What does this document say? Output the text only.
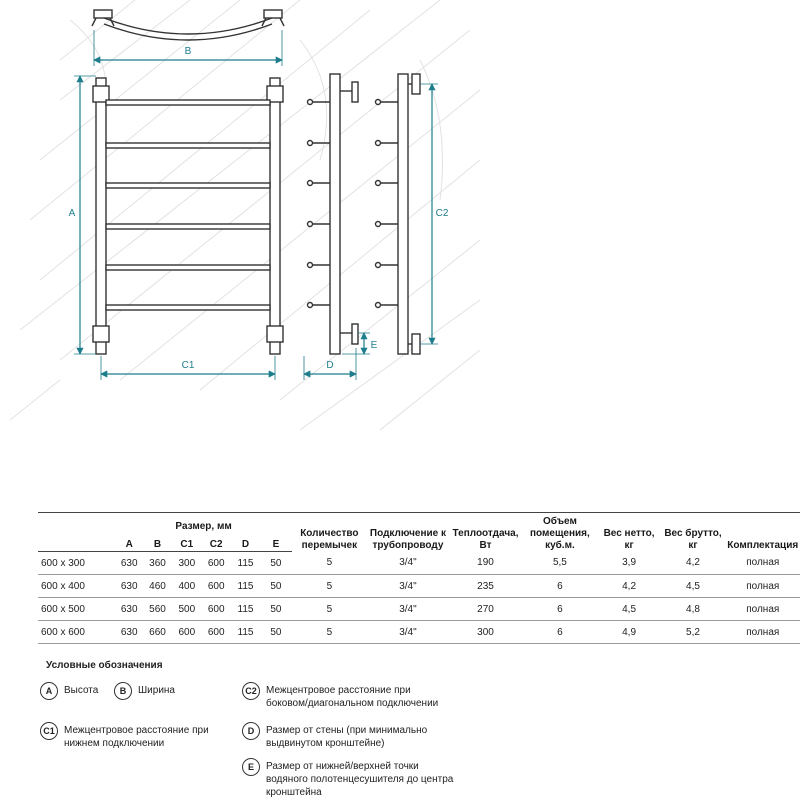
B
A
C1	D
E
C2
	Размер, мм						Количество перемычек	Подключение к трубопроводу	Теплоотдача, Вт	Объем помещения, куб.м.	Вес нетто, кг	Вес брутто, кг	Комплектация
	A	B	C1	C2	D	E							
600 x 300	630	360	300	600	115	50	5	3/4"	190	5,5	3,9	4,2	полная
600 x 400	630	460	400	600	115	50	5	3/4"	235	6	4,2	4,5	полная
600 x 500	630	560	500	600	115	50	5	3/4"	270	6	4,5	4,8	полная
600 x 600	630	660	600	600	115	50	5	3/4"	300	6	4,9	5,2	полная
Условные обозначения
A	Высота	B	Ширина	C2 Межцентровое расстояние при боковом/диагональном подключении
C1 Межцентровое расстояние при нижнем подключении
D	Размер от стены (при минимально выдвинутом кронштейне)
E	Размер от нижней/верхней точки водяного полотенцесушителя до центра кронштейна
